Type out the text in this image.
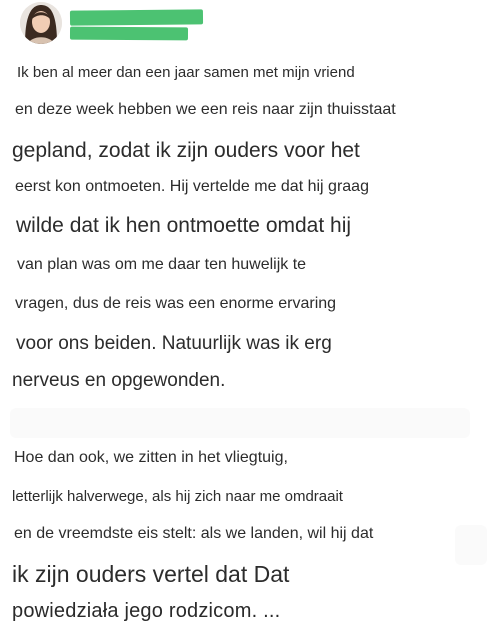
Ik ben al meer dan een jaar samen met mijn vriend
en deze week hebben we een reis naar zijn thuisstaat
gepland, zodat ik zijn ouders voor het
eerst kon ontmoeten. Hij vertelde me dat hij graag
wilde dat ik hen ontmoette omdat hij
van plan was om me daar ten huwelijk te
vragen, dus de reis was een enorme ervaring
voor ons beiden. Natuurlijk was ik erg
nerveus en opgewonden.
Hoe dan ook, we zitten in het vliegtuig,
letterlijk halverwege, als hij zich naar me omdraait
en de vreemdste eis stelt: als we landen, wil hij dat
ik zijn ouders vertel dat Dat
powiedziała jego rodzicom. ...
